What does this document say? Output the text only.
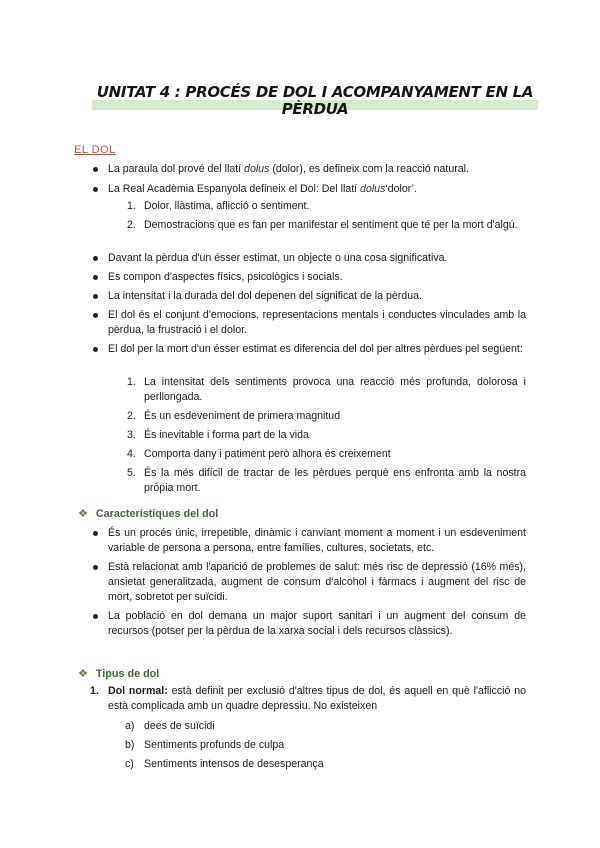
UNITAT 4 : PROCÉS DE DOL I ACOMPANYAMENT EN LA
PÈRDUA
EL DOL
La paraula dol prové del llatí dolus (dolor), es defineix com la reacció natural.
La Real Acadèmia Espanyola defineix el Dol: Del llatí dolus‘dolor’.
1. Dolor, llàstima, aflicció o sentiment.
2. Demostracions que es fan per manifestar el sentiment que té per la mort d'algú.
Davant la pèrdua d'un ésser estimat, un objecte o una cosa significativa.
Es compon d'aspectes físics, psicològics i socials.
La intensitat i la durada del dol depenen del significat de la pèrdua.
El dol és el conjunt d'emocions, representacions mentals i conductes vinculades amb la pèrdua, la frustració i el dolor.
El dol per la mort d'un ésser estimat es diferencia del dol per altres pèrdues pel següent:
1. La intensitat dels sentiments provoca una reacció més profunda, dolorosa i perllongada.
2. És un esdeveniment de primera magnitud
3. És inevitable i forma part de la vida
4. Comporta dany i patiment però alhora és creixement
5. És la més difícil de tractar de les pèrdues perquè ens enfronta amb la nostra pròpia mort.
❖ Característiques del dol
És un procés únic, irrepetible, dinàmic i canviant moment a moment i un esdeveniment variable de persona a persona, entre famílies, cultures, societats, etc.
Està relacionat amb l'aparició de problemes de salut: més risc de depressió (16% més), ansietat generalitzada, augment de consum d'alcohol i fàrmacs i augment del risc de mort, sobretot per suïcidi.
La població en dol demana un major suport sanitari i un augment del consum de recursos (potser per la pèrdua de la xarxa social i dels recursos clàssics).
❖ Tipus de dol
1. Dol normal: està definit per exclusió d'altres tipus de dol, és aquell en què l'aflicció no està complicada amb un quadre depressiu. No existeixen
a) dees de suïcidi
b) Sentiments profunds de culpa
c) Sentiments intensos de desesperança
